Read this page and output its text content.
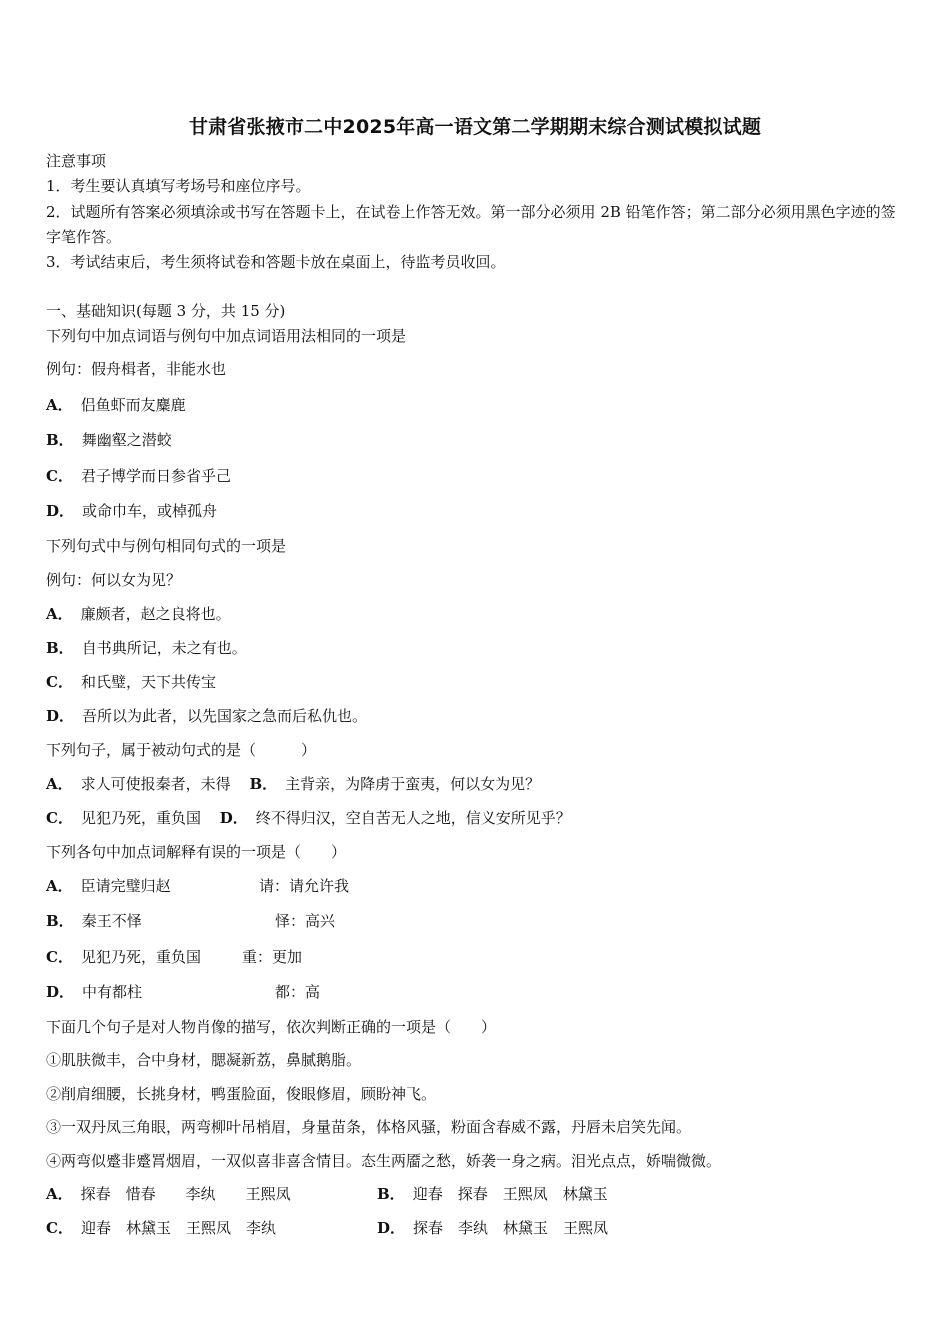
甘肃省张掖市二中2025年高一语文第二学期期末综合测试模拟试题
注意事项
1．考生要认真填写考场号和座位序号。
2．试题所有答案必须填涂或书写在答题卡上，在试卷上作答无效。第一部分必须用 2B 铅笔作答；第二部分必须用黑色字迹的签字笔作答。
3．考试结束后，考生须将试卷和答题卡放在桌面上，待监考员收回。
一、基础知识(每题 3 分，共 15 分)
下列句中加点词语与例句中加点词语用法相同的一项是
例句：假舟楫者，非能水也
A． 侣鱼虾而友麋鹿
B． 舞幽壑之潜蛟
C． 君子博学而日参省乎己
D． 或命巾车，或棹孤舟
下列句式中与例句相同句式的一项是
例句：何以女为见？
A． 廉颇者，赵之良将也。
B． 自书典所记，未之有也。
C． 和氏璧，天下共传宝
D． 吾所以为此者，以先国家之急而后私仇也。
下列句子，属于被动句式的是（　　　）
A． 求人可使报秦者，未得 B． 主背亲，为降虏于蛮夷，何以女为见？
C． 见犯乃死，重负国 D． 终不得归汉，空自苦无人之地，信义安所见乎？
下列各句中加点词解释有误的一项是（　　）
A． 臣请完璧归赵	请：请允许我
B． 秦王不怿	怿：高兴
C． 见犯乃死，重负国	重：更加
D． 中有都柱	都：高
下面几个句子是对人物肖像的描写，依次判断正确的一项是（　　）
①肌肤微丰，合中身材，腮凝新荔，鼻腻鹅脂。
②削肩细腰，长挑身材，鸭蛋脸面，俊眼修眉，顾盼神飞。
③一双丹凤三角眼，两弯柳叶吊梢眉，身量苗条，体格风骚，粉面含春威不露，丹唇未启笑先闻。
④两弯似蹙非蹙罥烟眉，一双似喜非喜含情目。态生两靥之愁，娇袭一身之病。泪光点点，娇喘微微。
A． 探春　惜春　　李纨　　王熙凤	B． 迎春　探春　王熙凤　林黛玉
C． 迎春　林黛玉　王熙凤　李纨	D． 探春　李纨　林黛玉　王熙凤
